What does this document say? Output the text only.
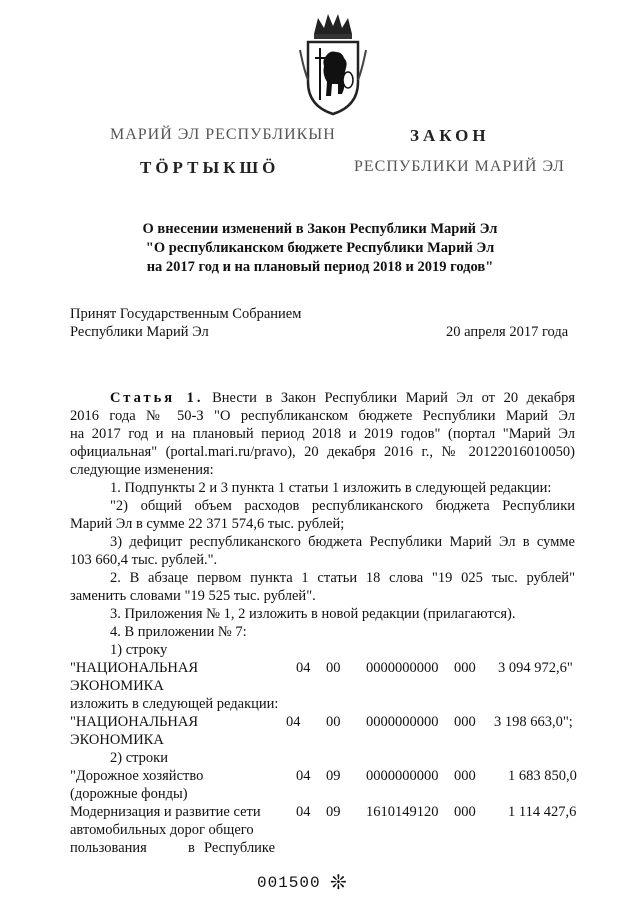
МАРИЙ ЭЛ РЕСПУБЛИКЫН
ТӦРТЫКШӦ
ЗАКОН
РЕСПУБЛИКИ МАРИЙ ЭЛ
О внесении изменений в Закон Республики Марий Эл
"О республиканском бюджете Республики Марий Эл
на 2017 год и на плановый период 2018 и 2019 годов"
Принят Государственным Собранием
Республики Марий Эл	20 апреля 2017 года
Статья 1. Внести в Закон Республики Марий Эл от 20 декабря
2016 года № 50-З "О республиканском бюджете Республики Марий Эл
на 2017 год и на плановый период 2018 и 2019 годов" (портал "Марий Эл
официальная" (portal.mari.ru/pravo), 20 декабря 2016 г., № 20122016010050)
следующие изменения:
1. Подпункты 2 и 3 пункта 1 статьи 1 изложить в следующей редакции:
"2) общий объем расходов республиканского бюджета Республики
Марий Эл в сумме 22 371 574,6 тыс. рублей;
3) дефицит республиканского бюджета Республики Марий Эл в сумме
103 660,4 тыс. рублей.".
2. В абзаце первом пункта 1 статьи 18 слова "19 025 тыс. рублей"
заменить словами "19 525 тыс. рублей".
3. Приложения № 1, 2 изложить в новой редакции (прилагаются).
4. В приложении № 7:
1) строку
"НАЦИОНАЛЬНАЯ	04 00 0000000000 000 3 094 972,6"
ЭКОНОМИКА
изложить в следующей редакции:
"НАЦИОНАЛЬНАЯ	04 00 0000000000 000 3 198 663,0";
ЭКОНОМИКА
2) строки
"Дорожное хозяйство	04 09 0000000000 000 1 683 850,0
(дорожные фонды)
Модернизация и развитие сети 04 09 1610149120 000 1 114 427,6
автомобильных дорог общего
пользования	в Республике
001500 ❊
